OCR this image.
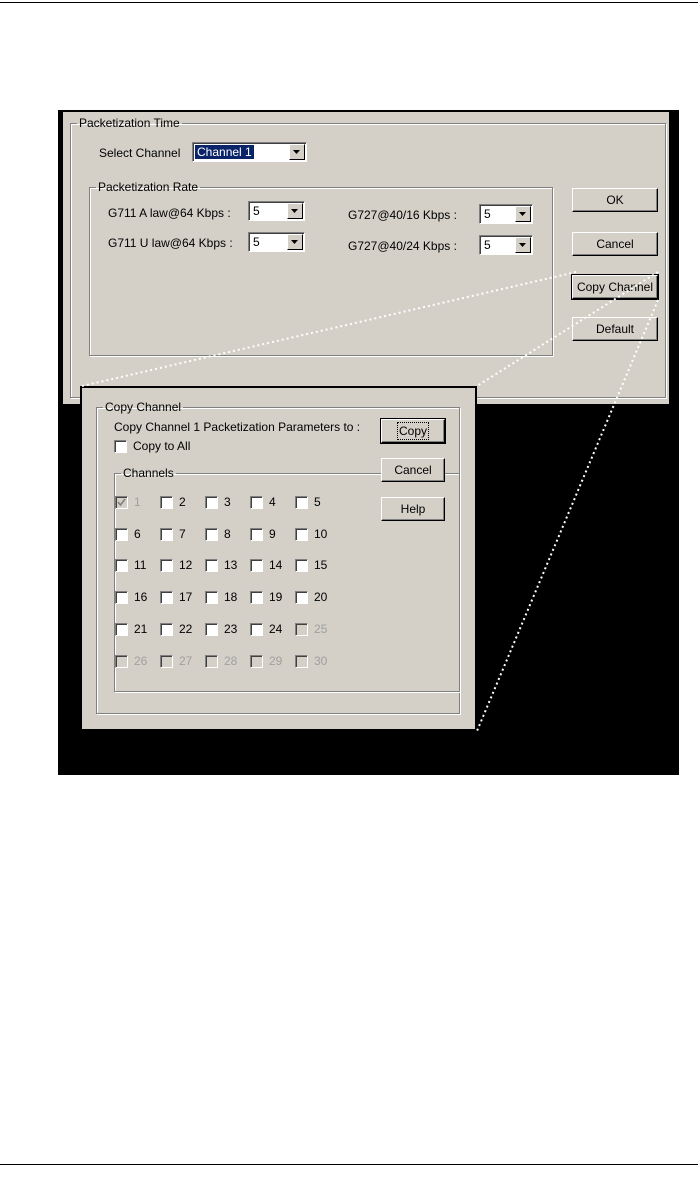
Packetization Time
Select Channel Channel 1
Packetization Rate
G711 A law@64 Kbps : 5
G711 U law@64 Kbps : 5
G727@40/16 Kbps : 5
G727@40/24 Kbps : 5
OK
Cancel
Copy Channel
Default
Copy Channel
Copy Channel 1 Packetization Parameters to :
Copy to All
Channels
1	2	3	4	5
6	7	8	9	10
11	12	13	14	15
16	17	18	19	20
21	22	23	24	25
26	27	28	29	30
Copy
Cancel
Help
